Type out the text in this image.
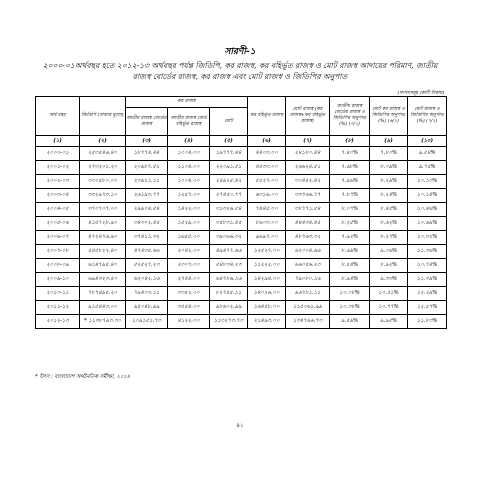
সারণী-১
২০০০-০১অর্থবছর হতে ২০১২-১৩ অর্থবছর পর্যন্ত জিডিপি, কর রাজস্ব, কর বহির্ভূত রাজস্ব ও মোট রাজস্ব আদায়ের পরিমাণ, জাতীয়
রাজস্ব বোর্ডের রাজস্ব, কর রাজস্ব এবং মোট রাজস্ব ও জিডিপির অনুপাত
(সংখ্যাসমূহ কোটি টাকায়)
অর্থ বছর	জিডিপি (বাজার মূল্যে)	কর রাজস্ব			কর বহির্ভূত রাজস্ব	মোট রাজস্ব (কর রাজস্ব+কর বহির্ভূত রাজস্ব)	জাতীয় রাজস্ব বোর্ডের রাজস্ব ও জিডিপির অনুপাত (%) (৩/২)	মোট কর রাজস্ব ও জিডিপির অনুপাত (%) (৬/২)	মোট রাজস্ব ও জিডিপির অনুপাত (%) (৭/২)
		জাতীয় রাজস্ব বোর্ডের রাজস্ব	জাতীয় রাজস্ব বোর্ড বহির্ভূত রাজস্ব	মোট					
(১)	(২)	(৩)	(৪)	(৫)	(৬)	(৭)	(৮)	(৯)	(১০)
২০০০-০১	২৫৩৫৪৬.৪০	১৮৭৭৪.৪৪	১০০৪.০০	১৯৭৭৭.৪৪	৪৪০৩.০০	২৪১৮০.৪৪	৭.৪০%	৭.৮০%	৯.৫৪%
২০০১-০২	২৭৩২০১.২০	২০৯৮৭.৫১	১১০৪.০০	২২০৯১.৫১	৪৫৩৩.০০	২৬৬২৪.৫১	৭.৬৮%	৮.০৯%	৯.৭৫%
২০০২-০৩	৩০০৫৮০.০০	২৩৯২১.১১	১০০৪.০০	২৪৯২৫.৪২	৫৫২৭.০০	৩০৪৫২.৪২	৭.৯৬%	৮.২৯%	১০.১৩%
২০০৩-০৪	৩৩২৯৭৩.১০	২৬১৯৩.৭৭	১২৫৭.০০	২৭৪৫০.৭৭	৬৩১৬.০০	৩৩৭৬৬.৭৭	৭.৮৭%	৮.২৪%	১০.১৪%
২০০৪-০৫	৩৭০৭০৭.০০	২৯৯০৪.৫৪	১৪২২.০০	৩১৩২৬.৫৪	৭৪৪৫.০০	৩৮৭৭১.৫৪	৮.০৭%	৮.৪৫%	১০.৪৬%
২০০৫-০৬	৪১৫৭২৮.৯০	৩৪৩০২.৪৫	১৫২৯.০০	৩৫৮৩১.৪৫	৮৬০৩.০০	৪৪৪৩৪.৪৫	৮.২৫%	৮.৬২%	১০.৬৯%
২০০৬-০৭	৪৭২৪৭৬.৯০	৩৭৪১১.৩২	১৬৫৫.০০	৩৯০৬৬.৩২	৯৬৯৭.০০	৪৮৭৬৩.৩২	৭.৯২%	৮.২৭%	১০.৩২%
২০০৭-০৮	৫৪৫৮২২.৪০	৪৭৪৩৫.৬৬	২০৪২.০০	৪৯৪৭৭.৬৬	১২৫২৭.০০	৬২০০৪.৬৬	৮.৬৯%	৯.০৬%	১১.৩৬%
২০০৮-০৯	৬১৪৭৯৫.৪০	৫২৫২৭.২৩	২৩০৭.০০	৫৪৮৩৪.২৩	১১২২২.০০	৬৬০৫৬.২৩	৮.৫৪%	৮.৯২%	১০.৭৪%
২০০৯-১০	৬৯৪৩২৩.৫০	৬২০৪২.১৬	২৭৪৪.০০	৬৪৭৮৬.১৬	১৪২৯৪.০০	৭৯০৮০.১৬	৮.৯৪%	৯.৩৩%	১১.৩৯%
২০১০-১১	৭৮৭৪৯৫.২০	৭৯৪০৩.১১	৩৩৫২.০০	৮২৭৫৫.১১	১৪০২৬.০০	৯৬৭৮১.১১	১০.০৮%	১০.৫১%	১২.২৯%
২০১১-১২	৯১৫৪৪৩.০০	৯৫০৪৮.৯৯	৩৫৫৪.০০	৯৮৬০২.৯৯	১৬৪৫৮.০০	১১৫০৬১.৯৯	১০.৩৮%	১০.৭৭%	১২.৫৭%
২০১২-১৩	* ১১৩৮৭৯৩.৩০	১০৯১৫১.৭৩	৪১২২.০০	১১৩২৭৩.৭৩	২১৪৯৩.০০	১৩৪৭৬৬.৭৩	৯.৫৯%	৯.৯৫%	১১.৮৩%
* উৎস : বাংলাদেশ অর্থনৈতিক সমীক্ষা, ২০১৪
৪১
